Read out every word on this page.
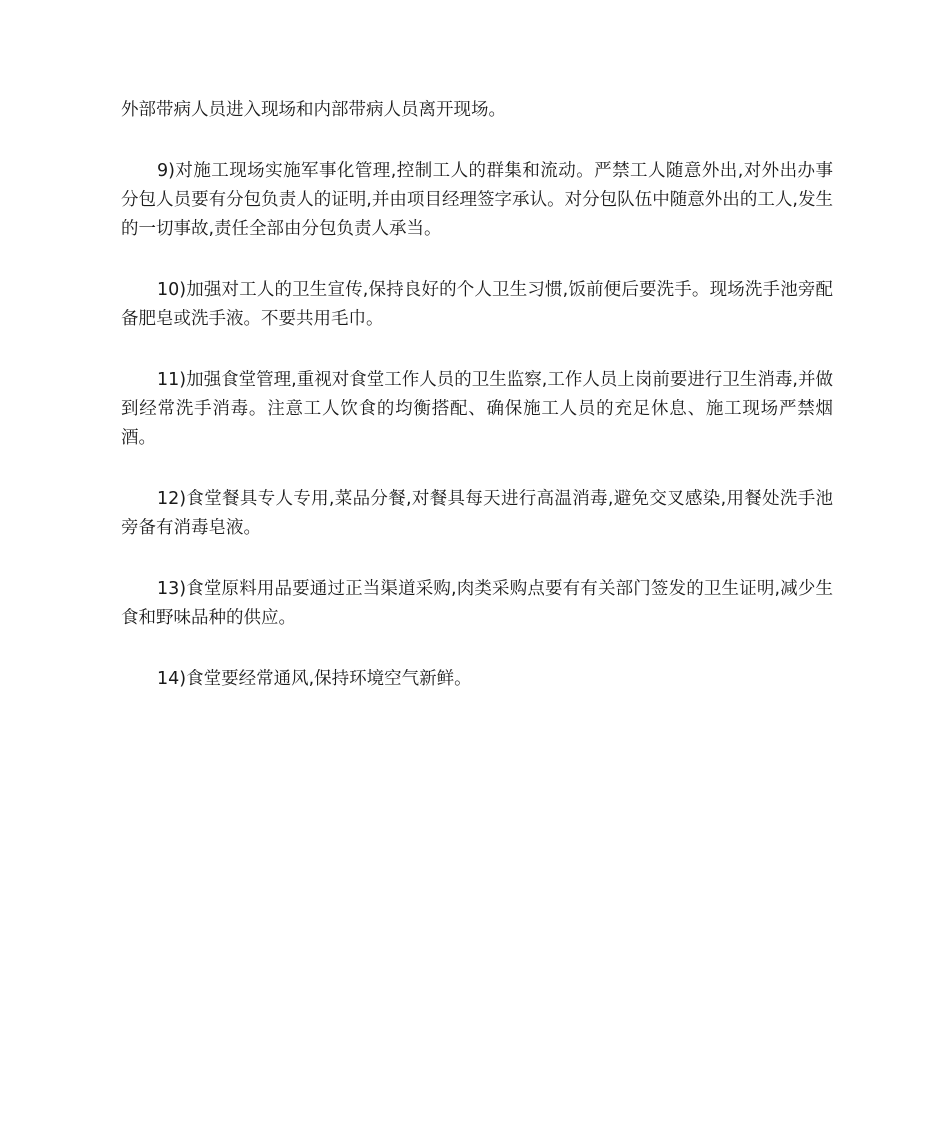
外部带病人员进入现场和内部带病人员离开现场。

9)对施工现场实施军事化管理,控制工人的群集和流动。严禁工人随意外出,对外出办事分包人员要有分包负责人的证明,并由项目经理签字承认。对分包队伍中随意外出的工人,发生的一切事故,责任全部由分包负责人承当。

10)加强对工人的卫生宣传,保持良好的个人卫生习惯,饭前便后要洗手。现场洗手池旁配备肥皂或洗手液。不要共用毛巾。

11)加强食堂管理,重视对食堂工作人员的卫生监察,工作人员上岗前要进行卫生消毒,并做到经常洗手消毒。注意工人饮食的均衡搭配、确保施工人员的充足休息、施工现场严禁烟酒。

12)食堂餐具专人专用,菜品分餐,对餐具每天进行高温消毒,避免交叉感染,用餐处洗手池旁备有消毒皂液。

13)食堂原料用品要通过正当渠道采购,肉类采购点要有有关部门签发的卫生证明,减少生食和野味品种的供应。

14)食堂要经常通风,保持环境空气新鲜。
